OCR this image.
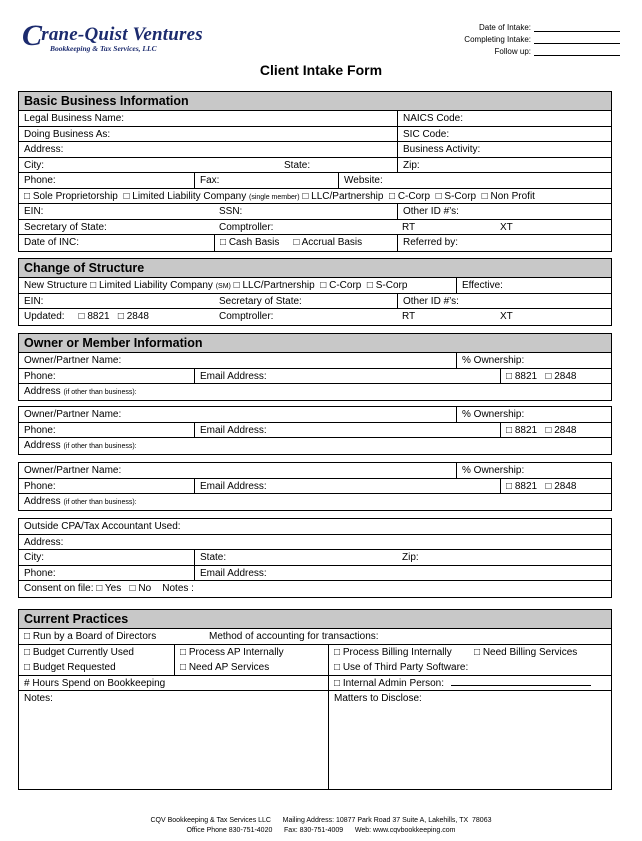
Crane-Quist Ventures
Bookkeeping & Tax Services, LLC
Date of Intake:
Completing Intake:
Follow up:
Client Intake Form
Basic Business Information
Legal Business Name:	NAICS Code:
Doing Business As:	SIC Code:
Address:	Business Activity:
City:	State:	Zip:
Phone:	Fax:	Website:
□ Sole Proprietorship □ Limited Liability Company (single member) □ LLC/Partnership □ C-Corp □ S-Corp □ Non Profit
EIN:	SSN:	Other ID #’s:
Secretary of State:	Comptroller:	RT	XT
Date of INC:	□ Cash Basis □ Accrual Basis	Referred by:
Change of Structure
New Structure □ Limited Liability Company (SM) □ LLC/Partnership □ C-Corp □ S-Corp	Effective:
EIN:	Secretary of State:	Other ID #’s:
Updated: □ 8821 □ 2848	Comptroller:	RT	XT
Owner or Member Information
Owner/Partner Name:	% Ownership:
Phone:	Email Address:	□ 8821 □ 2848
Address (if other than business):
Owner/Partner Name:	% Ownership:
Phone:	Email Address:	□ 8821 □ 2848
Address (if other than business):
Owner/Partner Name:	% Ownership:
Phone:	Email Address:	□ 8821 □ 2848
Address (if other than business):
Outside CPA/Tax Accountant Used:
Address:
City:	State:	Zip:
Phone:	Email Address:
Consent on file: □ Yes   □ No    Notes :
Current Practices
□ Run by a Board of Directors	Method of accounting for transactions:
□ Budget Currently Used	□ Process AP Internally	□ Process Billing Internally	□ Need Billing Services
□ Budget Requested	□ Need AP Services	□ Use of Third Party Software:
# Hours Spend on Bookkeeping	□ Internal Admin Person:
Notes:	Matters to Disclose:
CQV Bookkeeping & Tax Services LLC      Mailing Address: 10877 Park Road 37 Suite A, Lakehills, TX  78063
Office Phone 830-751-4020      Fax: 830-751-4009      Web: www.cqvbookkeeping.com
